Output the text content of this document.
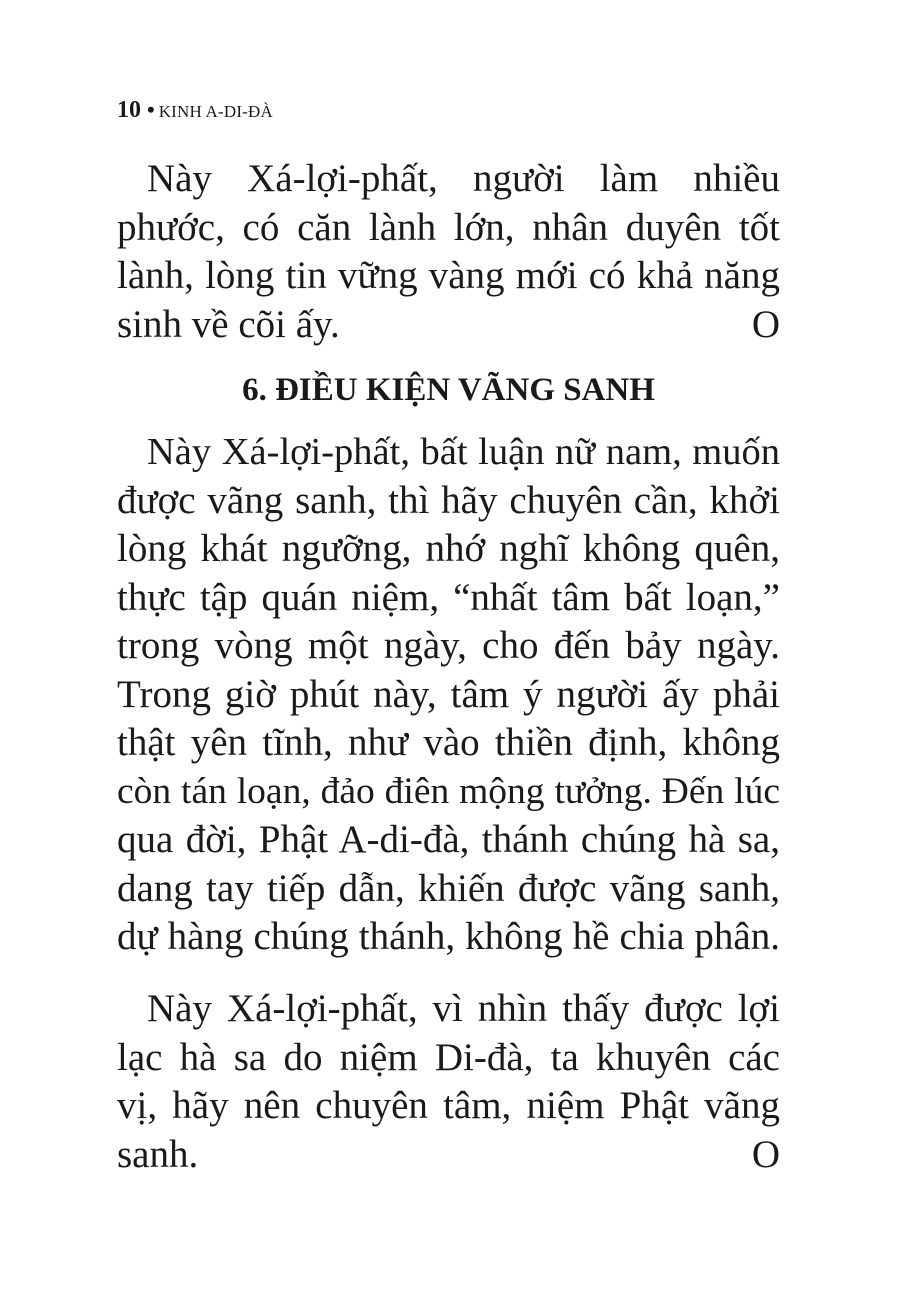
10 • KINH A-DI-ĐÀ
Này Xá-lợi-phất, người làm nhiều
phước, có căn lành lớn, nhân duyên tốt
lành, lòng tin vững vàng mới có khả năng
sinh về cõi ấy.	O
6. ĐIỀU KIỆN VÃNG SANH
Này Xá-lợi-phất, bất luận nữ nam, muốn
được vãng sanh, thì hãy chuyên cần, khởi
lòng khát ngưỡng, nhớ nghĩ không quên,
thực tập quán niệm, “nhất tâm bất loạn,”
trong vòng một ngày, cho đến bảy ngày.
Trong giờ phút này, tâm ý người ấy phải
thật yên tĩnh, như vào thiền định, không
còn tán loạn, đảo điên mộng tưởng. Đến lúc
qua đời, Phật A-di-đà, thánh chúng hà sa,
dang tay tiếp dẫn, khiến được vãng sanh,
dự hàng chúng thánh, không hề chia phân.
Này Xá-lợi-phất, vì nhìn thấy được lợi
lạc hà sa do niệm Di-đà, ta khuyên các
vị, hãy nên chuyên tâm, niệm Phật vãng
sanh.	O
